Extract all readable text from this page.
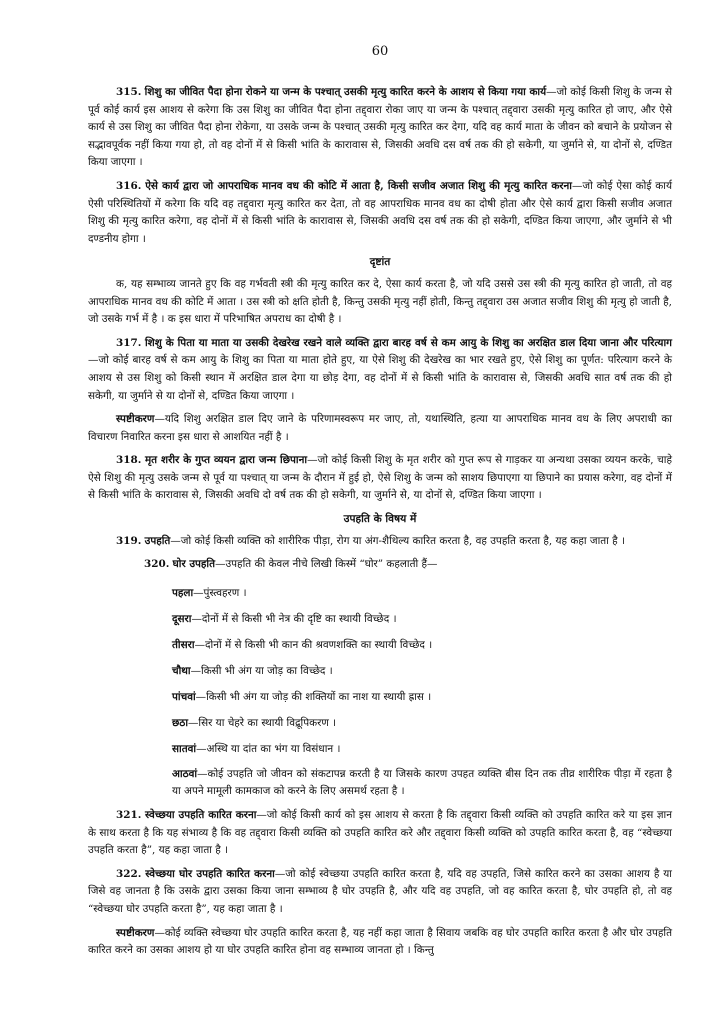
60

315. शिशु का जीवित पैदा होना रोकने या जन्म के पश्चात् उसकी मृत्यु कारित करने के आशय से किया गया कार्य—जो कोई किसी शिशु के जन्म से पूर्व कोई कार्य इस आशय से करेगा कि उस शिशु का जीवित पैदा होना तद्द्वारा रोका जाए या जन्म के पश्चात् तद्द्वारा उसकी मृत्यु कारित हो जाए, और ऐसे कार्य से उस शिशु का जीवित पैदा होना रोकेगा, या उसके जन्म के पश्चात् उसकी मृत्यु कारित कर देगा, यदि वह कार्य माता के जीवन को बचाने के प्रयोजन से सद्भावपूर्वक नहीं किया गया हो, तो वह दोनों में से किसी भांति के कारावास से, जिसकी अवधि दस वर्ष तक की हो सकेगी, या जुर्माने से, या दोनों से, दण्डित किया जाएगा ।

316. ऐसे कार्य द्वारा जो आपराधिक मानव वध की कोटि में आता है, किसी सजीव अजात शिशु की मृत्यु कारित करना—जो कोई ऐसा कोई कार्य ऐसी परिस्थितियों में करेगा कि यदि वह तद्द्वारा मृत्यु कारित कर देता, तो वह आपराधिक मानव वध का दोषी होता और ऐसे कार्य द्वारा किसी सजीव अजात शिशु की मृत्यु कारित करेगा, वह दोनों में से किसी भांति के कारावास से, जिसकी अवधि दस वर्ष तक की हो सकेगी, दण्डित किया जाएगा, और जुर्माने से भी दण्डनीय होगा ।

दृष्टांत

क, यह सम्भाव्य जानते हुए कि वह गर्भवती स्त्री की मृत्यु कारित कर दे, ऐसा कार्य करता है, जो यदि उससे उस स्त्री की मृत्यु कारित हो जाती, तो वह आपराधिक मानव वध की कोटि में आता । उस स्त्री को क्षति होती है, किन्तु उसकी मृत्यु नहीं होती, किन्तु तद्द्वारा उस अजात सजीव शिशु की मृत्यु हो जाती है, जो उसके गर्भ में है । क इस धारा में परिभाषित अपराध का दोषी है ।

317. शिशु के पिता या माता या उसकी देखरेख रखने वाले व्यक्ति द्वारा बारह वर्ष से कम आयु के शिशु का अरक्षित डाल दिया जाना और परित्याग—जो कोई बारह वर्ष से कम आयु के शिशु का पिता या माता होते हुए, या ऐसे शिशु की देखरेख का भार रखते हुए, ऐसे शिशु का पूर्णत: परित्याग करने के आशय से उस शिशु को किसी स्थान में अरक्षित डाल देगा या छोड़ देगा, वह दोनों में से किसी भांति के कारावास से, जिसकी अवधि सात वर्ष तक की हो सकेगी, या जुर्माने से या दोनों से, दण्डित किया जाएगा ।

स्पष्टीकरण—यदि शिशु अरक्षित डाल दिए जाने के परिणामस्वरूप मर जाए, तो, यथास्थिति, हत्या या आपराधिक मानव वध के लिए अपराधी का विचारण निवारित करना इस धारा से आशयित नहीं है ।

318. मृत शरीर के गुप्त व्ययन द्वारा जन्म छिपाना—जो कोई किसी शिशु के मृत शरीर को गुप्त रूप से गाड़कर या अन्यथा उसका व्ययन करके, चाहे ऐसे शिशु की मृत्यु उसके जन्म से पूर्व या पश्चात् या जन्म के दौरान में हुई हो, ऐसे शिशु के जन्म को साशय छिपाएगा या छिपाने का प्रयास करेगा, वह दोनों में से किसी भांति के कारावास से, जिसकी अवधि दो वर्ष तक की हो सकेगी, या जुर्माने से, या दोनों से, दण्डित किया जाएगा ।

उपहति के विषय में

319. उपहति—जो कोई किसी व्यक्ति को शारीरिक पीड़ा, रोग या अंग-शैथिल्य कारित करता है, वह उपहति करता है, यह कहा जाता है ।

320. घोर उपहति—उपहति की केवल नीचे लिखी किस्में “घोर” कहलाती हैं—

पहला—पुंस्त्वहरण ।

दूसरा—दोनों में से किसी भी नेत्र की दृष्टि का स्थायी विच्छेद ।

तीसरा—दोनों में से किसी भी कान की श्रवणशक्ति का स्थायी विच्छेद ।

चौथा—किसी भी अंग या जोड़ का विच्छेद ।

पांचवां—किसी भी अंग या जोड़ की शक्तियों का नाश या स्थायी ह्रास ।

छठा—सिर या चेहरे का स्थायी विद्रूपिकरण ।

सातवां—अस्थि या दांत का भंग या विसंधान ।

आठवां—कोई उपहति जो जीवन को संकटापन्न करती है या जिसके कारण उपहत व्यक्ति बीस दिन तक तीव्र शारीरिक पीड़ा में रहता है या अपने मामूली कामकाज को करने के लिए असमर्थ रहता है ।

321. स्वेच्छया उपहति कारित करना—जो कोई किसी कार्य को इस आशय से करता है कि तद्द्वारा किसी व्यक्ति को उपहति कारित करे या इस ज्ञान के साथ करता है कि यह संभाव्य है कि वह तद्द्वारा किसी व्यक्ति को उपहति कारित करे और तद्द्वारा किसी व्यक्ति को उपहति कारित करता है, वह “स्वेच्छया उपहति करता है”, यह कहा जाता है ।

322. स्वेच्छया घोर उपहति कारित करना—जो कोई स्वेच्छया उपहति कारित करता है, यदि वह उपहति, जिसे कारित करने का उसका आशय है या जिसे वह जानता है कि उसके द्वारा उसका किया जाना सम्भाव्य है घोर उपहति है, और यदि वह उपहति, जो वह कारित करता है, घोर उपहति हो, तो वह “स्वेच्छया घोर उपहति करता है”, यह कहा जाता है ।

स्पष्टीकरण—कोई व्यक्ति स्वेच्छया घोर उपहति कारित करता है, यह नहीं कहा जाता है सिवाय जबकि वह घोर उपहति कारित करता है और घोर उपहति कारित करने का उसका आशय हो या घोर उपहति कारित होना वह सम्भाव्य जानता हो । किन्तु
